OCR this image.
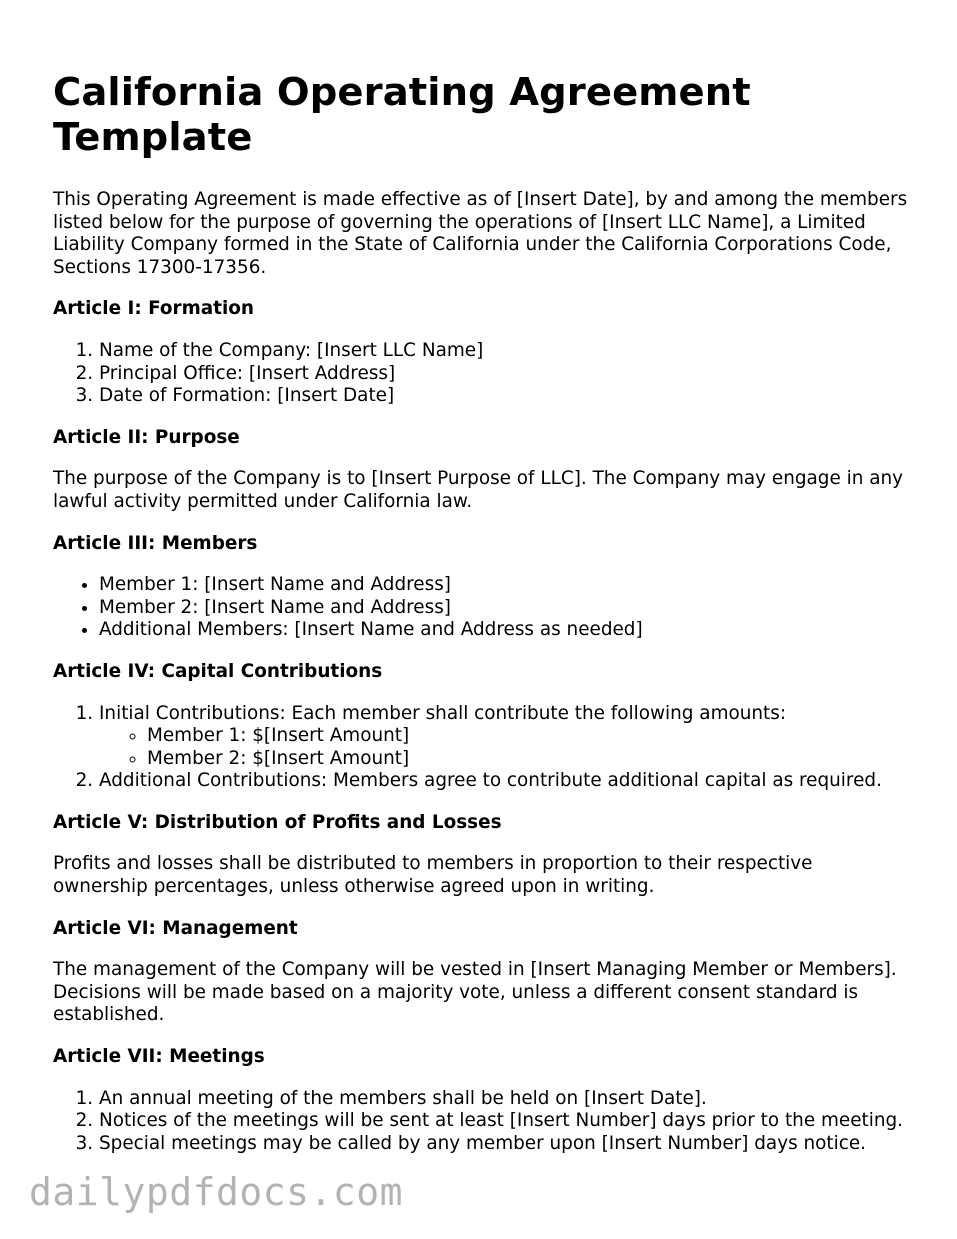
California Operating Agreement Template

This Operating Agreement is made effective as of [Insert Date], by and among the members listed below for the purpose of governing the operations of [Insert LLC Name], a Limited Liability Company formed in the State of California under the California Corporations Code, Sections 17300-17356.

Article I: Formation
1. Name of the Company: [Insert LLC Name]
2. Principal Office: [Insert Address]
3. Date of Formation: [Insert Date]
Article II: Purpose

The purpose of the Company is to [Insert Purpose of LLC]. The Company may engage in any lawful activity permitted under California law.

Article III: Members
• Member 1: [Insert Name and Address]
• Member 2: [Insert Name and Address]
• Additional Members: [Insert Name and Address as needed]
Article IV: Capital Contributions
1. Initial Contributions: Each member shall contribute the following amounts:
◦ Member 1: $[Insert Amount]
◦ Member 2: $[Insert Amount]
2. Additional Contributions: Members agree to contribute additional capital as required.
Article V: Distribution of Profits and Losses

Profits and losses shall be distributed to members in proportion to their respective ownership percentages, unless otherwise agreed upon in writing.

Article VI: Management

The management of the Company will be vested in [Insert Managing Member or Members]. Decisions will be made based on a majority vote, unless a different consent standard is established.

Article VII: Meetings
1. An annual meeting of the members shall be held on [Insert Date].
2. Notices of the meetings will be sent at least [Insert Number] days prior to the meeting.
3. Special meetings may be called by any member upon [Insert Number] days notice.
dailypdfdocs.com
